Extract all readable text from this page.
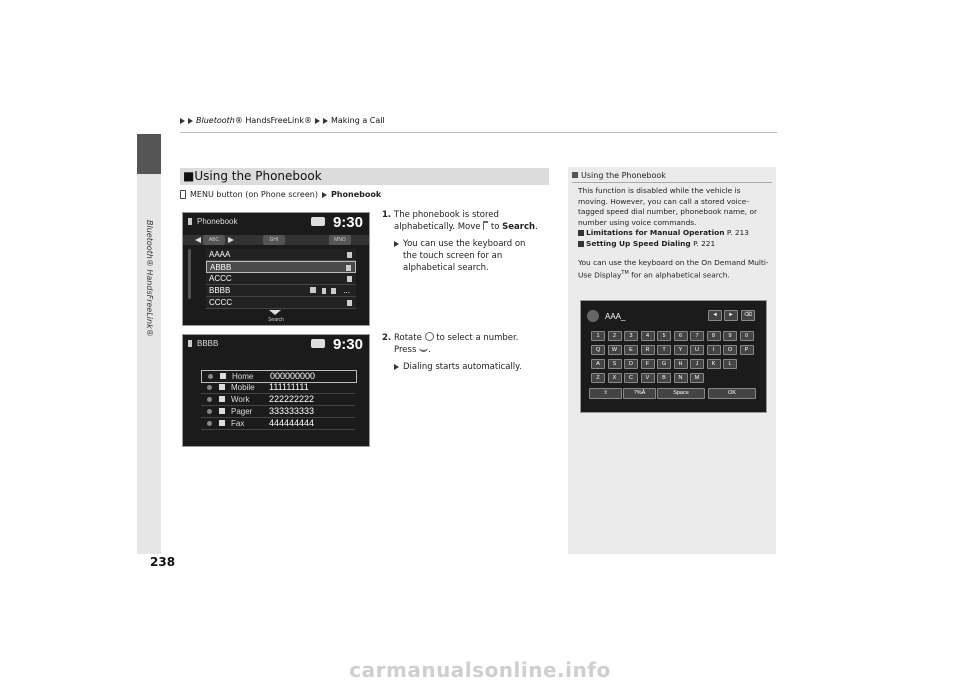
Bluetooth® HandsFreeLink® Making a Call
Bluetooth® HandsFreeLink®
238
■Using the Phonebook
MENU button (on Phone screen) Phonebook
1. The phonebook is stored alphabetically. Move to Search.
You can use the keyboard on the touch screen for an alphabetical search.
2. Rotate to select a number.
Press .
Dialing starts automatically.
Phonebook	9:30
ABC	GHI	MNO
AAAA
ABBB
ACCC
BBBB	...
CCCC
Search
BBBB	9:30
Home 000000000
Mobile 111111111
Work 222222222
Pager 333333333
Fax	444444444
Using the Phonebook
This function is disabled while the vehicle is moving. However, you can call a stored voice-tagged speed dial number, phonebook name, or number using voice commands.
Limitations for Manual Operation P. 213
Setting Up Speed Dialing P. 221
You can use the keyboard on the On Demand Multi-Use Display™ for an alphabetical search.
AAA_	◄	►	⌫
1	2	3	4	5	6	7	8	9	0
Q	W	E	R	T	Y	U	I	O	P
A	S	D	F	G	H	J	K	L
Z	X	C	V	B	N	M
⇧	?%Å	Space	OK
carmanualsonline.info
